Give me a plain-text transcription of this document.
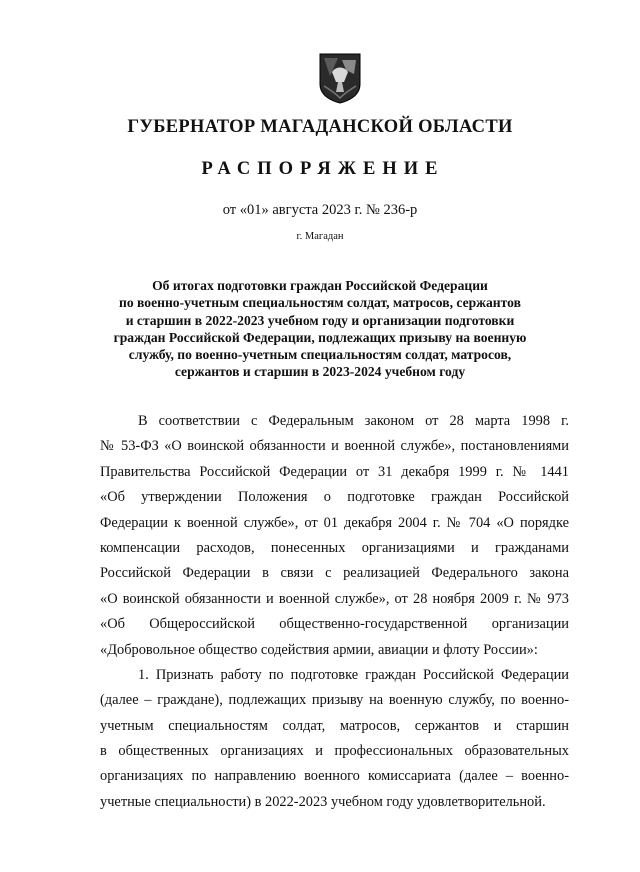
ГУБЕРНАТОР МАГАДАНСКОЙ ОБЛАСТИ
РАСПОРЯЖЕНИЕ
от «01» августа 2023 г. № 236-р
г. Магадан
Об итогах подготовки граждан Российской Федерации
по военно-учетным специальностям солдат, матросов, сержантов
и старшин в 2022-2023 учебном году и организации подготовки
граждан Российской Федерации, подлежащих призыву на военную
службу, по военно-учетным специальностям солдат, матросов,
сержантов и старшин в 2023-2024 учебном году
В соответствии с Федеральным законом от 28 марта 1998 г.
№ 53-ФЗ «О воинской обязанности и военной службе», постановлениями
Правительства Российской Федерации от 31 декабря 1999 г. № 1441
«Об утверждении Положения о подготовке граждан Российской
Федерации к военной службе», от 01 декабря 2004 г. № 704 «О порядке
компенсации расходов, понесенных организациями и гражданами
Российской Федерации в связи с реализацией Федерального закона
«О воинской обязанности и военной службе», от 28 ноября 2009 г. № 973
«Об Общероссийской общественно-государственной организации
«Добровольное общество содействия армии, авиации и флоту России»:
1. Признать работу по подготовке граждан Российской Федерации
(далее – граждане), подлежащих призыву на военную службу, по военно-
учетным специальностям солдат, матросов, сержантов и старшин
в общественных организациях и профессиональных образовательных
организациях по направлению военного комиссариата (далее – военно-
учетные специальности) в 2022-2023 учебном году удовлетворительной.
